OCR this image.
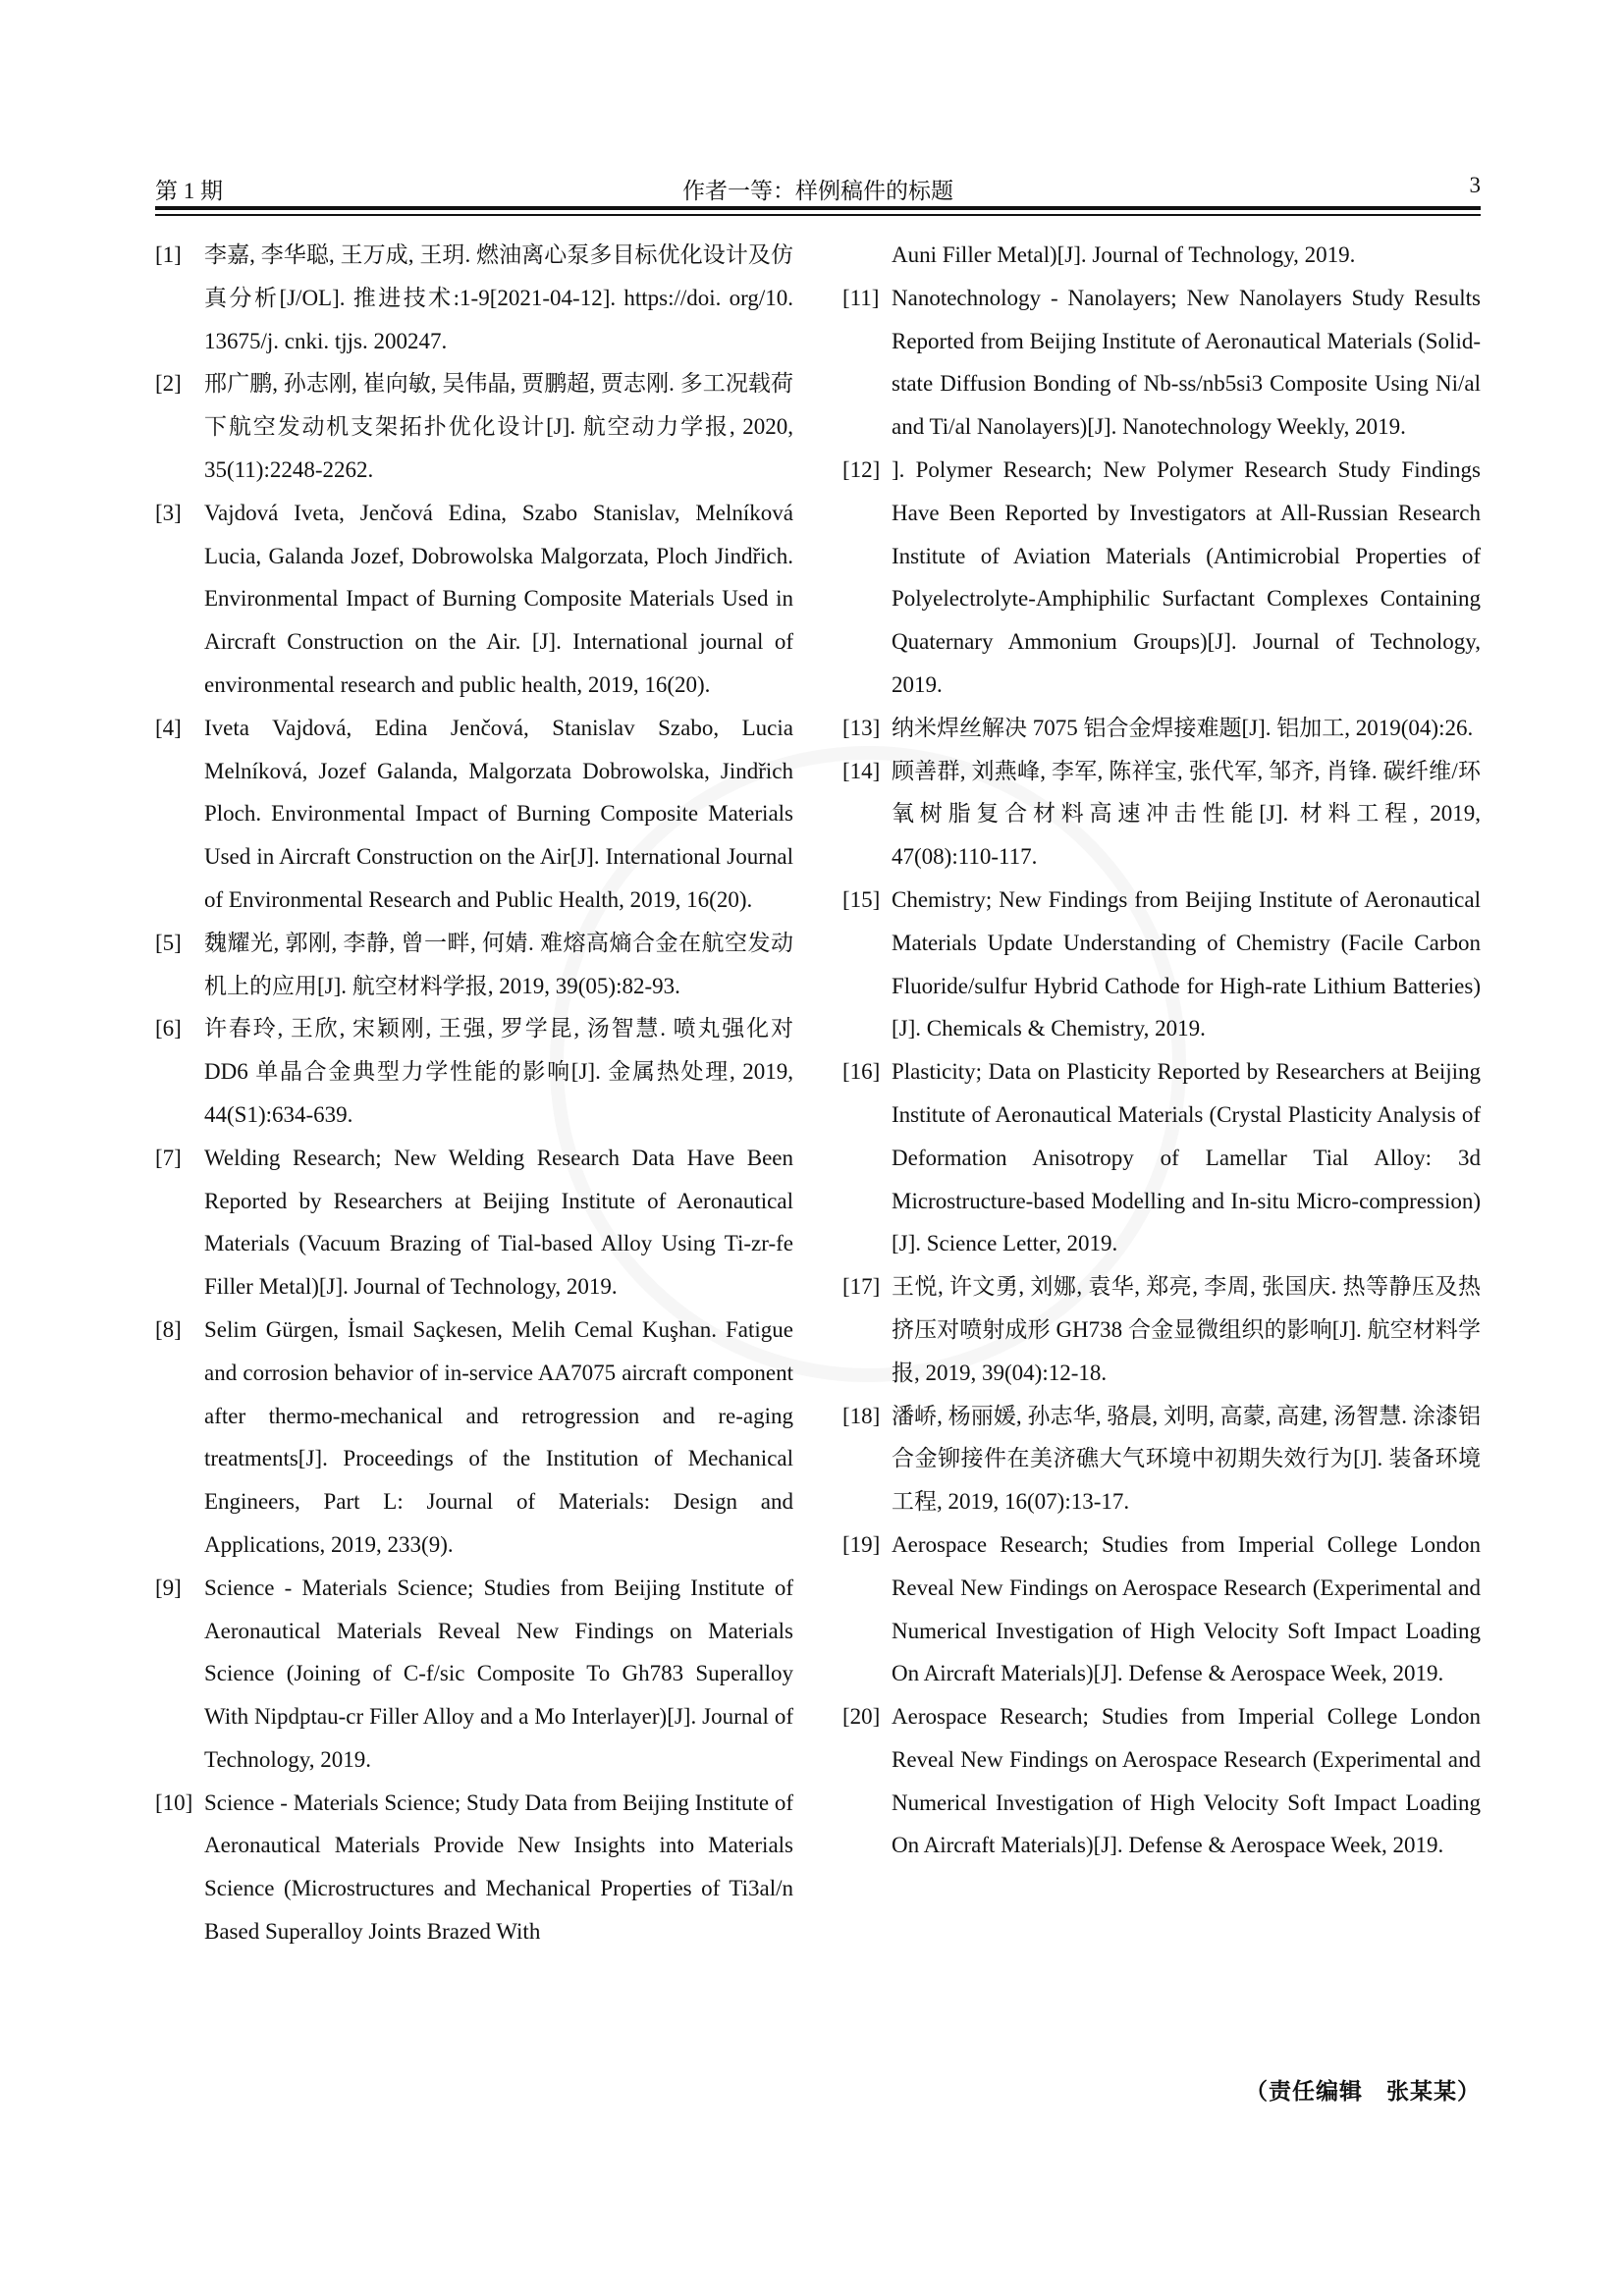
第 1 期	作者一等：样例稿件的标题	3
[1] 李嘉, 李华聪, 王万成, 王玥. 燃油离心泵多目标优化设计及仿真分析[J/OL]. 推进技术:1-9[2021-04-12]. https://doi. org/10. 13675/j. cnki. tjjs. 200247.
[2] 邢广鹏, 孙志刚, 崔向敏, 吴伟晶, 贾鹏超, 贾志刚. 多工况载荷下航空发动机支架拓扑优化设计[J]. 航空动力学报, 2020, 35(11):2248-2262.
[3] Vajdová Iveta, Jenčová Edina, Szabo Stanislav, Melníková Lucia, Galanda Jozef, Dobrowolska Malgorzata, Ploch Jindřich. Environmental Impact of Burning Composite Materials Used in Aircraft Construction on the Air. [J]. International journal of environmental research and public health, 2019, 16(20).
[4] Iveta Vajdová, Edina Jenčová, Stanislav Szabo, Lucia Melníková, Jozef Galanda, Malgorzata Dobrowolska, Jindřich Ploch. Environmental Impact of Burning Composite Materials Used in Aircraft Construction on the Air[J]. International Journal of Environmental Research and Public Health, 2019, 16(20).
[5] 魏耀光, 郭刚, 李静, 曾一畔, 何婧. 难熔高熵合金在航空发动机上的应用[J]. 航空材料学报, 2019, 39(05):82-93.
[6] 许春玲, 王欣, 宋颖刚, 王强, 罗学昆, 汤智慧. 喷丸强化对 DD6 单晶合金典型力学性能的影响[J]. 金属热处理, 2019, 44(S1):634-639.
[7] Welding Research; New Welding Research Data Have Been Reported by Researchers at Beijing Institute of Aeronautical Materials (Vacuum Brazing of Tial-based Alloy Using Ti-zr-fe Filler Metal)[J]. Journal of Technology, 2019.
[8] Selim Gürgen, İsmail Saçkesen, Melih Cemal Kuşhan. Fatigue and corrosion behavior of in-service AA7075 aircraft component after thermo-mechanical and retrogression and re-aging treatments[J]. Proceedings of the Institution of Mechanical Engineers, Part L: Journal of Materials: Design and Applications, 2019, 233(9).
[9] Science - Materials Science; Studies from Beijing Institute of Aeronautical Materials Reveal New Findings on Materials Science (Joining of C-f/sic Composite To Gh783 Superalloy With Nipdptau-cr Filler Alloy and a Mo Interlayer)[J]. Journal of Technology, 2019.
[10] Science - Materials Science; Study Data from Beijing Institute of Aeronautical Materials Provide New Insights into Materials Science (Microstructures and Mechanical Properties of Ti3al/n Based Superalloy Joints Brazed With
Auni Filler Metal)[J]. Journal of Technology, 2019.
[11] Nanotechnology - Nanolayers; New Nanolayers Study Results Reported from Beijing Institute of Aeronautical Materials (Solid-state Diffusion Bonding of Nb-ss/nb5si3 Composite Using Ni/al and Ti/al Nanolayers)[J]. Nanotechnology Weekly, 2019.
[12] ]. Polymer Research; New Polymer Research Study Findings Have Been Reported by Investigators at All-Russian Research Institute of Aviation Materials (Antimicrobial Properties of Polyelectrolyte-Amphiphilic Surfactant Complexes Containing Quaternary Ammonium Groups)[J]. Journal of Technology, 2019.
[13] 纳米焊丝解决 7075 铝合金焊接难题[J]. 铝加工, 2019(04):26.
[14] 顾善群, 刘燕峰, 李军, 陈祥宝, 张代军, 邹齐, 肖锋. 碳纤维/环氧树脂复合材料高速冲击性能[J]. 材料工程, 2019, 47(08):110-117.
[15] Chemistry; New Findings from Beijing Institute of Aeronautical Materials Update Understanding of Chemistry (Facile Carbon Fluoride/sulfur Hybrid Cathode for High-rate Lithium Batteries)[J]. Chemicals & Chemistry, 2019.
[16] Plasticity; Data on Plasticity Reported by Researchers at Beijing Institute of Aeronautical Materials (Crystal Plasticity Analysis of Deformation Anisotropy of Lamellar Tial Alloy: 3d Microstructure-based Modelling and In-situ Micro-compression)[J]. Science Letter, 2019.
[17] 王悦, 许文勇, 刘娜, 袁华, 郑亮, 李周, 张国庆. 热等静压及热挤压对喷射成形 GH738 合金显微组织的影响[J]. 航空材料学报, 2019, 39(04):12-18.
[18] 潘峤, 杨丽媛, 孙志华, 骆晨, 刘明, 高蒙, 高建, 汤智慧. 涂漆铝合金铆接件在美济礁大气环境中初期失效行为[J]. 装备环境工程, 2019, 16(07):13-17.
[19] Aerospace Research; Studies from Imperial College London Reveal New Findings on Aerospace Research (Experimental and Numerical Investigation of High Velocity Soft Impact Loading On Aircraft Materials)[J]. Defense & Aerospace Week, 2019.
[20] Aerospace Research; Studies from Imperial College London Reveal New Findings on Aerospace Research (Experimental and Numerical Investigation of High Velocity Soft Impact Loading On Aircraft Materials)[J]. Defense & Aerospace Week, 2019.
（责任编辑　张某某）
